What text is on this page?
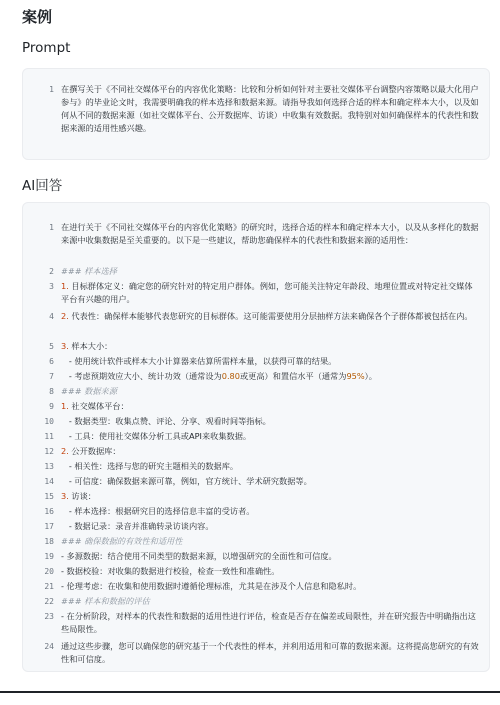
案例
Prompt
1 在撰写关于《不同社交媒体平台的内容优化策略：比较和分析如何针对主要社交媒体平台调整内容策略以最大化用户参与》的毕业论文时，我需要明确我的样本选择和数据来源。请指导我如何选择合适的样本和确定样本大小，以及如何从不同的数据来源（如社交媒体平台、公开数据库、访谈）中收集有效数据。我特别对如何确保样本的代表性和数据来源的适用性感兴趣。
AI回答
1 在进行关于《不同社交媒体平台的内容优化策略》的研究时，选择合适的样本和确定样本大小，以及从多样化的数据来源中收集数据是至关重要的。以下是一些建议，帮助您确保样本的代表性和数据来源的适用性：
2 ### 样本选择
3 1. 目标群体定义：确定您的研究针对的特定用户群体。例如，您可能关注特定年龄段、地理位置或对特定社交媒体平台有兴趣的用户。
4 2. 代表性：确保样本能够代表您研究的目标群体。这可能需要使用分层抽样方法来确保各个子群体都被包括在内。
5 3. 样本大小：
6 - 使用统计软件或样本大小计算器来估算所需样本量，以获得可靠的结果。
7 - 考虑预期效应大小、统计功效（通常设为0.80或更高）和置信水平（通常为95%）。
8 ### 数据来源
9 1. 社交媒体平台：
10 - 数据类型：收集点赞、评论、分享、观看时间等指标。
11 - 工具：使用社交媒体分析工具或API来收集数据。
12 2. 公开数据库：
13 - 相关性：选择与您的研究主题相关的数据库。
14 - 可信度：确保数据来源可靠，例如，官方统计、学术研究数据等。
15 3. 访谈：
16 - 样本选择：根据研究目的选择信息丰富的受访者。
17 - 数据记录：录音并准确转录访谈内容。
18 ### 确保数据的有效性和适用性
19 - 多源数据：结合使用不同类型的数据来源，以增强研究的全面性和可信度。
20 - 数据校验：对收集的数据进行校验，检查一致性和准确性。
21 - 伦理考虑：在收集和使用数据时遵循伦理标准，尤其是在涉及个人信息和隐私时。
22 ### 样本和数据的评估
23 - 在分析阶段，对样本的代表性和数据的适用性进行评估，检查是否存在偏差或局限性，并在研究报告中明确指出这些局限性。
24 通过这些步骤，您可以确保您的研究基于一个代表性的样本，并利用适用和可靠的数据来源。这将提高您研究的有效性和可信度。
